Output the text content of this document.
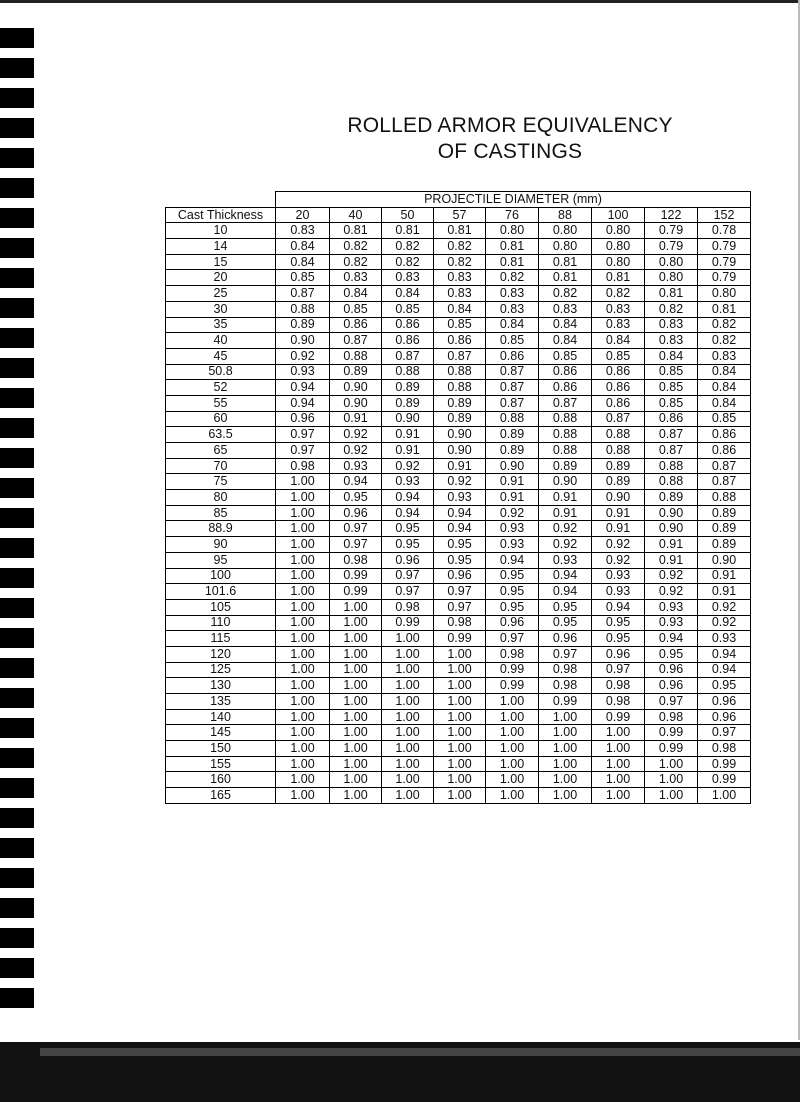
ROLLED ARMOR EQUIVALENCY
OF CASTINGS
	PROJECTILE DIAMETER (mm)								
Cast Thickness	20	40	50	57	76	88	100	122	152
10	0.83	0.81	0.81	0.81	0.80	0.80	0.80	0.79	0.78
14	0.84	0.82	0.82	0.82	0.81	0.80	0.80	0.79	0.79
15	0.84	0.82	0.82	0.82	0.81	0.81	0.80	0.80	0.79
20	0.85	0.83	0.83	0.83	0.82	0.81	0.81	0.80	0.79
25	0.87	0.84	0.84	0.83	0.83	0.82	0.82	0.81	0.80
30	0.88	0.85	0.85	0.84	0.83	0.83	0.83	0.82	0.81
35	0.89	0.86	0.86	0.85	0.84	0.84	0.83	0.83	0.82
40	0.90	0.87	0.86	0.86	0.85	0.84	0.84	0.83	0.82
45	0.92	0.88	0.87	0.87	0.86	0.85	0.85	0.84	0.83
50.8	0.93	0.89	0.88	0.88	0.87	0.86	0.86	0.85	0.84
52	0.94	0.90	0.89	0.88	0.87	0.86	0.86	0.85	0.84
55	0.94	0.90	0.89	0.89	0.87	0.87	0.86	0.85	0.84
60	0.96	0.91	0.90	0.89	0.88	0.88	0.87	0.86	0.85
63.5	0.97	0.92	0.91	0.90	0.89	0.88	0.88	0.87	0.86
65	0.97	0.92	0.91	0.90	0.89	0.88	0.88	0.87	0.86
70	0.98	0.93	0.92	0.91	0.90	0.89	0.89	0.88	0.87
75	1.00	0.94	0.93	0.92	0.91	0.90	0.89	0.88	0.87
80	1.00	0.95	0.94	0.93	0.91	0.91	0.90	0.89	0.88
85	1.00	0.96	0.94	0.94	0.92	0.91	0.91	0.90	0.89
88.9	1.00	0.97	0.95	0.94	0.93	0.92	0.91	0.90	0.89
90	1.00	0.97	0.95	0.95	0.93	0.92	0.92	0.91	0.89
95	1.00	0.98	0.96	0.95	0.94	0.93	0.92	0.91	0.90
100	1.00	0.99	0.97	0.96	0.95	0.94	0.93	0.92	0.91
101.6	1.00	0.99	0.97	0.97	0.95	0.94	0.93	0.92	0.91
105	1.00	1.00	0.98	0.97	0.95	0.95	0.94	0.93	0.92
110	1.00	1.00	0.99	0.98	0.96	0.95	0.95	0.93	0.92
115	1.00	1.00	1.00	0.99	0.97	0.96	0.95	0.94	0.93
120	1.00	1.00	1.00	1.00	0.98	0.97	0.96	0.95	0.94
125	1.00	1.00	1.00	1.00	0.99	0.98	0.97	0.96	0.94
130	1.00	1.00	1.00	1.00	0.99	0.98	0.98	0.96	0.95
135	1.00	1.00	1.00	1.00	1.00	0.99	0.98	0.97	0.96
140	1.00	1.00	1.00	1.00	1.00	1.00	0.99	0.98	0.96
145	1.00	1.00	1.00	1.00	1.00	1.00	1.00	0.99	0.97
150	1.00	1.00	1.00	1.00	1.00	1.00	1.00	0.99	0.98
155	1.00	1.00	1.00	1.00	1.00	1.00	1.00	1.00	0.99
160	1.00	1.00	1.00	1.00	1.00	1.00	1.00	1.00	0.99
165	1.00	1.00	1.00	1.00	1.00	1.00	1.00	1.00	1.00
